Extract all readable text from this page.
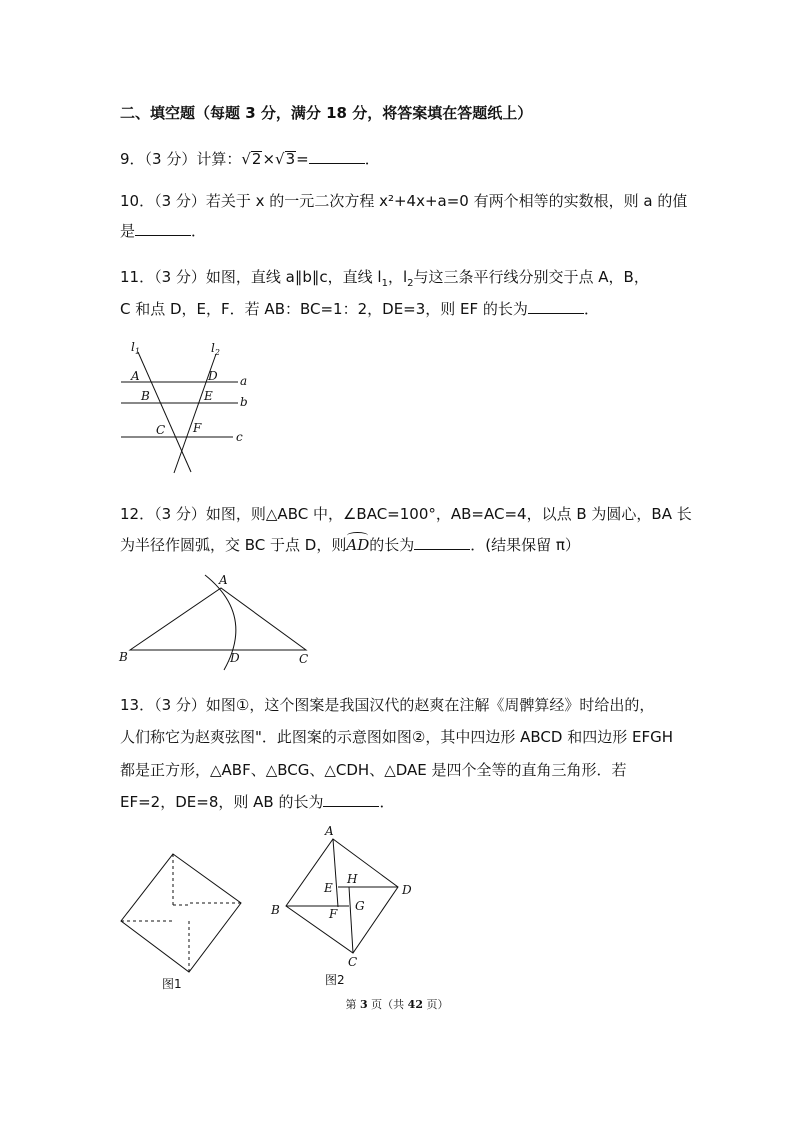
二、填空题（每题 3 分，满分 18 分，将答案填在答题纸上）
9．（3 分）计算：√2×√3=	．
10．（3 分）若关于 x 的一元二次方程 x²+4x+a=0 有两个相等的实数根，则 a 的值
是	．
11．（3 分）如图，直线 a∥b∥c，直线 $l_1$，$l_2$与这三条平行线分别交于点 A，B，
C 和点 D，E，F．若 AB：BC=1：2，DE=3，则 EF 的长为	．
$l_1$	$l_2$
A
B
C
D
E
F
a
b
c
12．（3 分）如图，则△ABC 中，∠BAC=100°，AB=AC=4，以点 B 为圆心，BA 长
为半径作圆弧，交 BC 于点 D，则AD的长为	．(结果保留 π）
A
B	C
D
13．（3 分）如图①，这个图案是我国汉代的赵爽在注解《周髀算经》时给出的，
人们称它为赵爽弦图"．此图案的示意图如图②，其中四边形 ABCD 和四边形 EFGH
都是正方形，△ABF、△BCG、△CDH、△DAE 是四个全等的直角三角形．若
EF=2，DE=8，则 AB 的长为	．
图1
A
B
C
D
E
F
G
H
图2
第 3 页（共 42 页）
